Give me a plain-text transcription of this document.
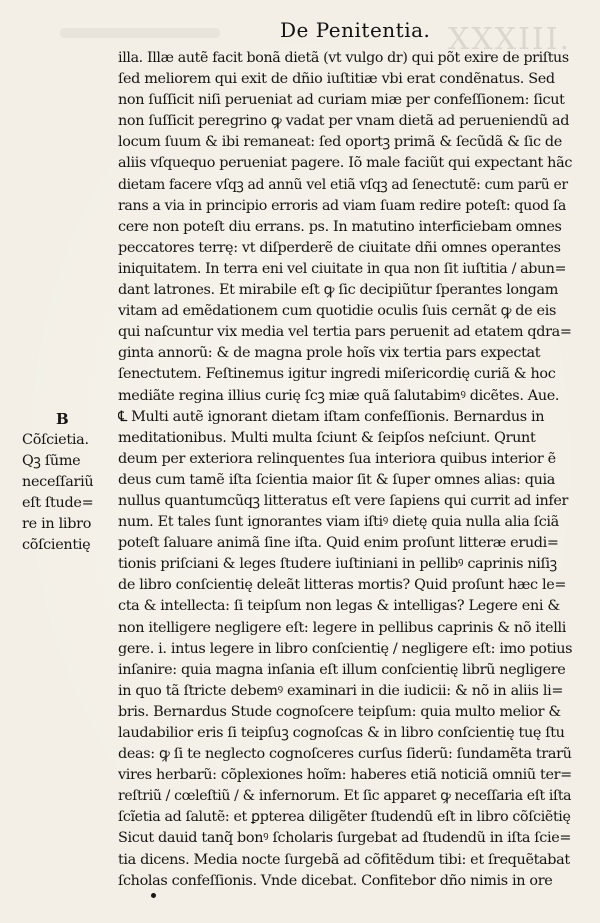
XXXIII.
De Penitentia.
illa. Illæ autẽ facit bonã dietã (vt vulgo dr) qui põt exire de priſtus
ſed meliorem qui exit de dñio iuſtitiæ vbi erat condẽnatus. Sed
non ſuſſicit niſi perueniat ad curiam miæ per confeſſionem: ſicut
non ſuſſicit peregrino ꝙ vadat per vnam dietã ad perueniendũ ad
locum ſuum & ibi remaneat: ſed oportꝫ primã & ſecũdã & ſic de
aliis vſquequo perueniat pagere. Iõ male faciũt qui expectant hãc
dietam facere vſqꝫ ad annũ vel etiã vſqꝫ ad ſenectutẽ: cum parũ er
rans a via in principio erroris ad viam ſuam redire poteſt: quod ſa
cere non poteſt diu errans. ps. In matutino interficiebam omnes
peccatores terrę: vt diſperderẽ de ciuitate dñi omnes operantes
iniquitatem. In terra eni vel ciuitate in qua non ſit iuſtitia / abun=
dant latrones. Et mirabile eſt ꝙ ſic decipiũtur ſperantes longam
vitam ad emẽdationem cum quotidie oculis ſuis cernãt ꝙ de eis
qui naſcuntur vix media vel tertia pars peruenit ad etatem qdra=
ginta annorũ: & de magna prole hoĩs vix tertia pars expectat
ſenectutem. Feſtinemus igitur ingredi miſericordię curiã & hoc
mediãte regina illius curię ſcꝫ miæ quã ſalutabimꝰ dicẽtes. Aue.
℄ Multi autẽ ignorant dietam iſtam confeſſionis. Bernardus in
meditationibus. Multi multa ſciunt & ſeipſos neſciunt. Qrunt
deum per exteriora relinquentes ſua interiora quibus interior ẽ
deus cum tamẽ iſta ſcientia maior ſit & ſuper omnes alias: quia
nullus quantumcũqꝫ litteratus eſt vere ſapiens qui currit ad infer
num. Et tales ſunt ignorantes viam iſtiꝰ dietę quia nulla alia ſciã
poteſt ſaluare animã ſine iſta. Quid enim proſunt litteræ erudi=
tionis priſciani & leges ſtudere iuſtiniani in pellibꝰ caprinis niſiꝫ
de libro conſcientię deleãt litteras mortis? Quid proſunt hæc le=
cta & intellecta: ſi teipſum non legas & intelligas? Legere eni &
non itelligere negligere eſt: legere in pellibus caprinis & nõ itelli
gere. i. intus legere in libro conſcientię / negligere eſt: imo potius
inſanire: quia magna inſania eſt illum conſcientię librũ negligere
in quo tã ſtricte debemꝰ examinari in die iudicii: & nõ in aliis li=
bris. Bernardus Stude cognoſcere teipſum: quia multo melior &
laudabilior eris ſi teipſuꝫ cognoſcas & in libro conſcientię tuę ſtu
deas: ꝙ ſi te neglecto cognoſceres curſus ſiderũ: ſundamẽta trarũ
vires herbarũ: cõplexiones hoĩm: haberes etiã noticiã omniũ ter=
reſtriũ / cœleſtiũ / & infernorum. Et ſic apparet ꝙ neceſſaria eſt iſta
ſcĩetia ad ſalutẽ: et ꝑpterea diligẽter ſtudendũ eſt in libro cõſciẽtię
Sicut dauid tanq̃ bonꝰ ſcholaris ſurgebat ad ſtudendũ in iſta ſcie=
tia dicens. Media nocte ſurgebã ad cõfitẽdum tibi: et ſrequẽtabat
ſcholas confeſſionis. Vnde dicebat. Confitebor dño nimis in ore
B
Cõſcietia.
Qꝫ ſũme
neceſſariũ
eſt ſtude=
re in libro
cõſcientię
